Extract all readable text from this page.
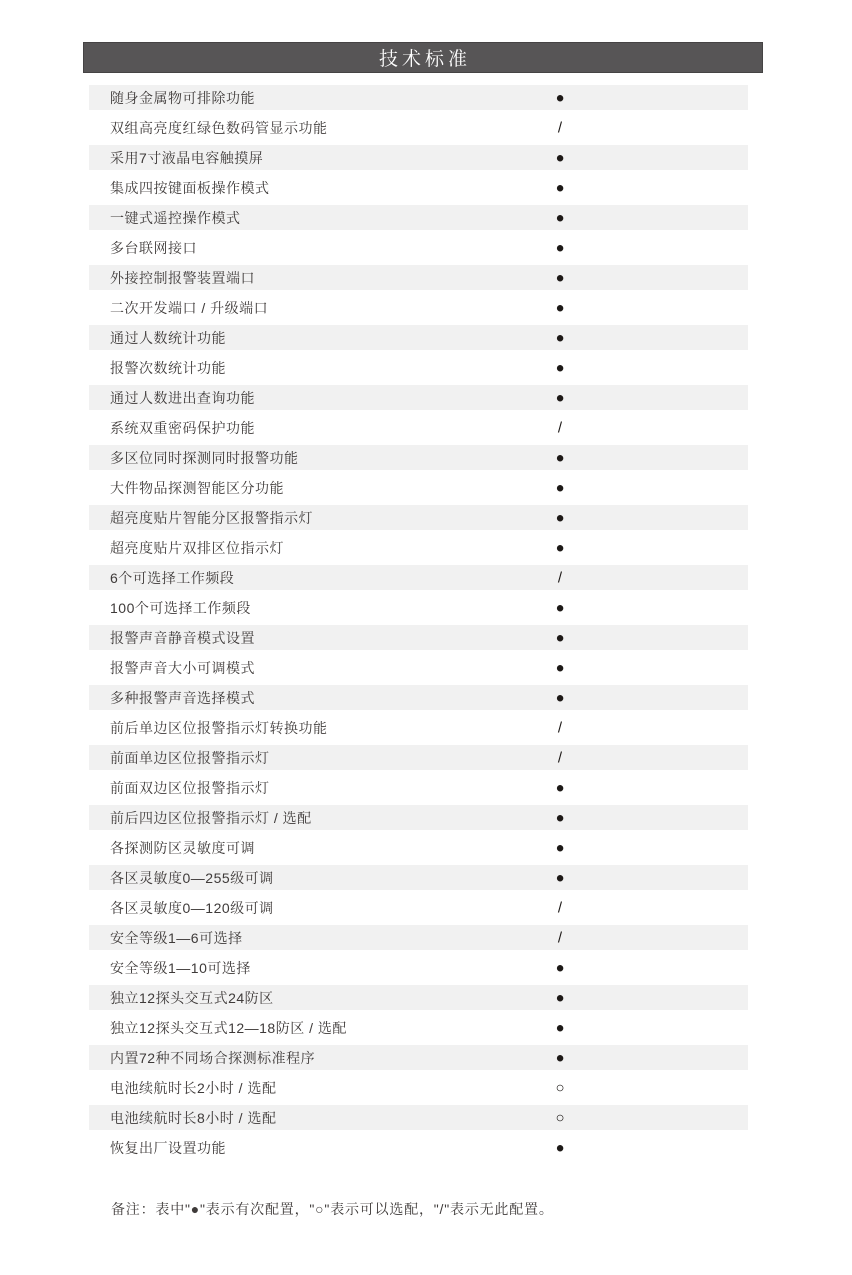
技术标准
随身金属物可排除功能	●
双组高亮度红绿色数码管显示功能	/
采用7寸液晶电容触摸屏	●
集成四按键面板操作模式	●
一键式遥控操作模式	●
多台联网接口	●
外接控制报警装置端口	●
二次开发端口 / 升级端口	●
通过人数统计功能	●
报警次数统计功能	●
通过人数进出查询功能	●
系统双重密码保护功能	/
多区位同时探测同时报警功能	●
大件物品探测智能区分功能	●
超亮度贴片智能分区报警指示灯	●
超亮度贴片双排区位指示灯	●
6个可选择工作频段	/
100个可选择工作频段	●
报警声音静音模式设置	●
报警声音大小可调模式	●
多种报警声音选择模式	●
前后单边区位报警指示灯转换功能	/
前面单边区位报警指示灯	/
前面双边区位报警指示灯	●
前后四边区位报警指示灯 / 选配	●
各探测防区灵敏度可调	●
各区灵敏度0—255级可调	●
各区灵敏度0—120级可调	/
安全等级1—6可选择	/
安全等级1—10可选择	●
独立12探头交互式24防区	●
独立12探头交互式12—18防区 / 选配	●
内置72种不同场合探测标准程序	●
电池续航时长2小时 / 选配	○
电池续航时长8小时 / 选配	○
恢复出厂设置功能	●
备注：表中"●"表示有次配置，"○"表示可以选配，"/"表示无此配置。
